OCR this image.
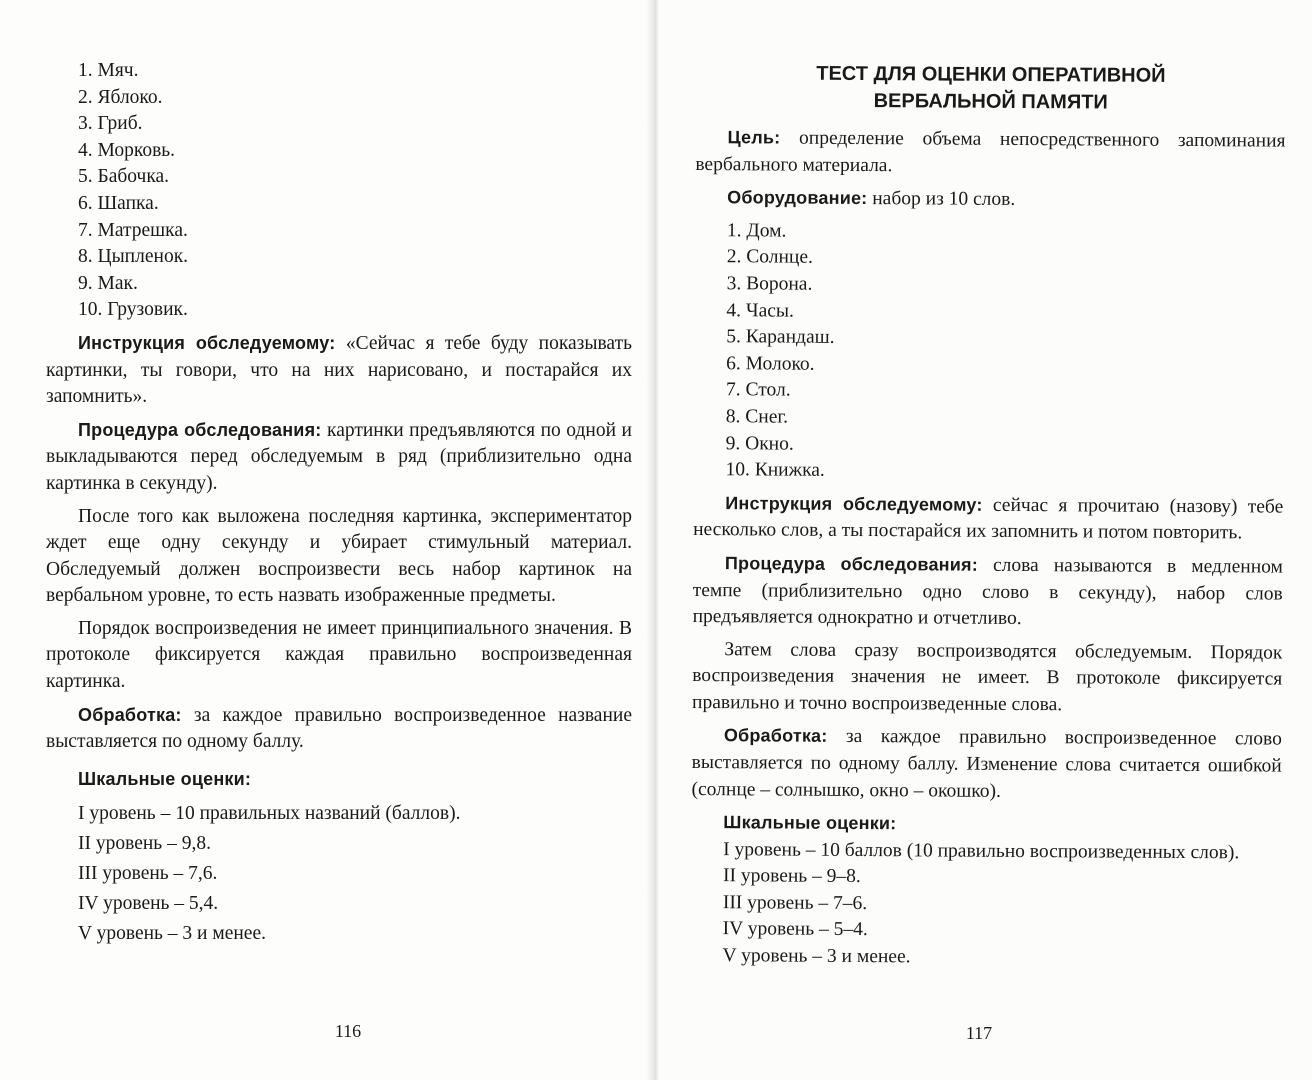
1. Мяч.
2. Яблоко.
3. Гриб.
4. Морковь.
5. Бабочка.
6. Шапка.
7. Матрешка.
8. Цыпленок.
9. Мак.
10. Грузовик.

Инструкция обследуемому: «Сейчас я тебе буду показывать картинки, ты говори, что на них нарисовано, и постарайся их запомнить».

Процедура обследования: картинки предъявляются по одной и выкладываются перед обследуемым в ряд (приблизительно одна картинка в секунду).

После того как выложена последняя картинка, экспериментатор ждет еще одну секунду и убирает стимульный материал. Обследуемый должен воспроизвести весь набор картинок на вербальном уровне, то есть назвать изображенные предметы.

Порядок воспроизведения не имеет принципиального значения. В протоколе фиксируется каждая правильно воспроизведенная картинка.

Обработка: за каждое правильно воспроизведенное название выставляется по одному баллу.

Шкальные оценки:

I уровень – 10 правильных названий (баллов).
II уровень – 9,8.
III уровень – 7,6.
IV уровень – 5,4.
V уровень – 3 и менее.
116
ТЕСТ ДЛЯ ОЦЕНКИ ОПЕРАТИВНОЙ
ВЕРБАЛЬНОЙ ПАМЯТИ

Цель: определение объема непосредственного запоминания вербального материала.

Оборудование: набор из 10 слов.

1. Дом.
2. Солнце.
3. Ворона.
4. Часы.
5. Карандаш.
6. Молоко.
7. Стол.
8. Снег.
9. Окно.
10. Книжка.

Инструкция обследуемому: сейчас я прочитаю (назову) тебе несколько слов, а ты постарайся их запомнить и потом повторить.

Процедура обследования: слова называются в медленном темпе (приблизительно одно слово в секунду), набор слов предъявляется однократно и отчетливо.

Затем слова сразу воспроизводятся обследуемым. Порядок воспроизведения значения не имеет. В протоколе фиксируется правильно и точно воспроизведенные слова.

Обработка: за каждое правильно воспроизведенное слово выставляется по одному баллу. Изменение слова считается ошибкой (солнце – солнышко, окно – окошко).

Шкальные оценки:

I уровень – 10 баллов (10 правильно воспроизведенных слов).

II уровень – 9–8.
III уровень – 7–6.
IV уровень – 5–4.
V уровень – 3 и менее.
117
